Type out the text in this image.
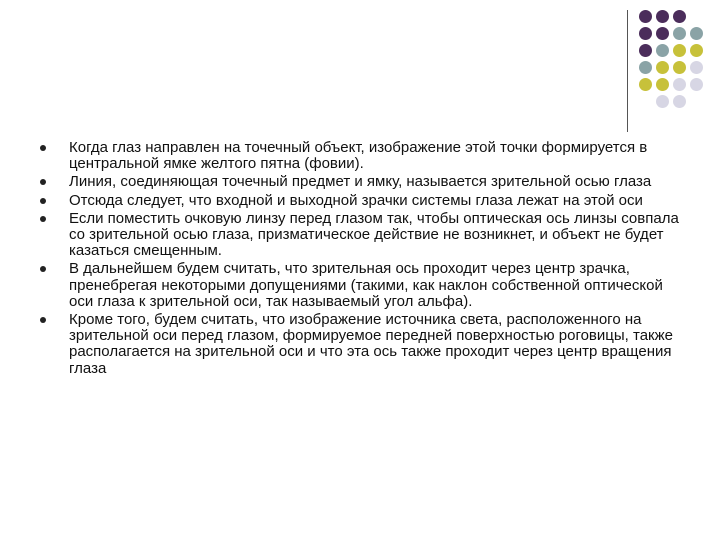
Когда глаз направлен на точечный объект, изображение этой точки формируется в центральной ямке желтого пятна (фовии).
Линия, соединяющая точечный предмет и ямку, называется зрительной осью глаза
Отсюда следует, что входной и выходной зрачки системы глаза лежат на этой оси
Если поместить очковую линзу перед глазом так, чтобы оптическая ось линзы совпала со зрительной осью глаза, призматическое действие не возникнет, и объект не будет казаться смещенным.
В дальнейшем будем считать, что зрительная ось проходит через центр зрачка, пренебрегая некоторыми допущениями (такими, как наклон собственной оптической оси глаза к зрительной оси, так называемый угол альфа).
Кроме того, будем считать, что изображение источника света, расположенного на зрительной оси перед глазом, формируемое передней поверхностью роговицы, также располагается на зрительной оси и что эта ось также проходит через центр вращения глаза
